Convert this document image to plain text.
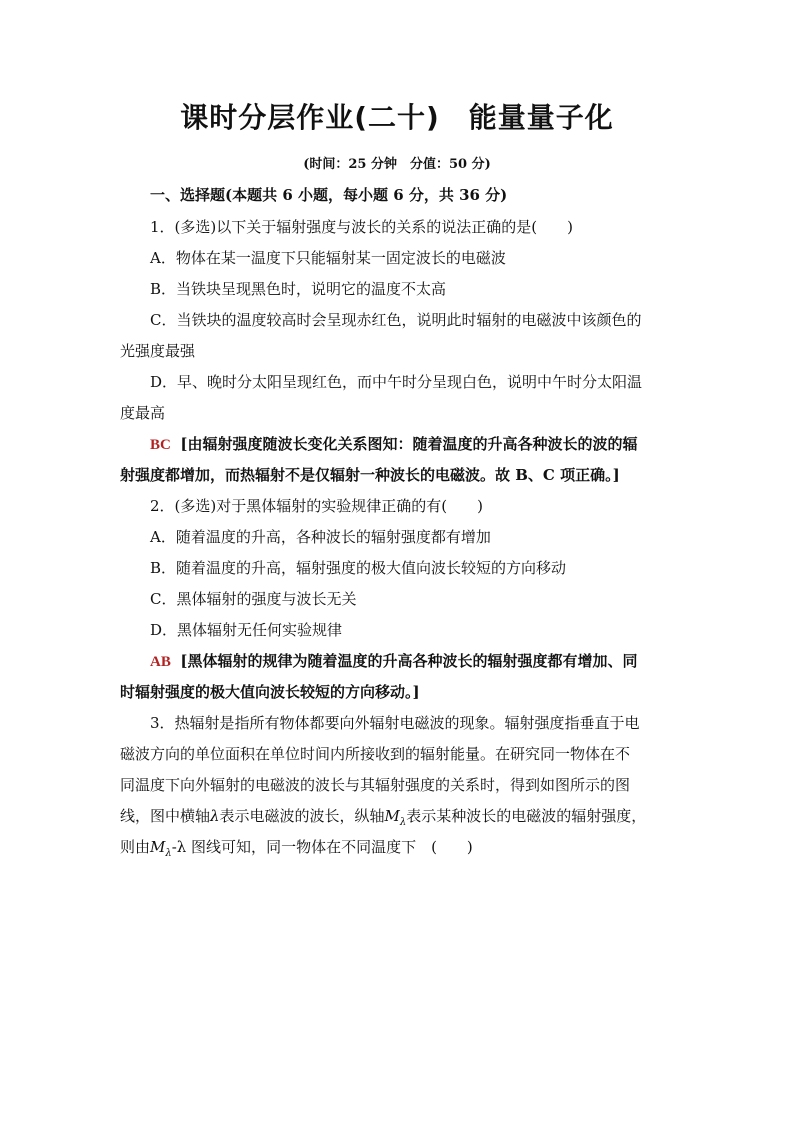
课时分层作业(二十)　能量量子化
(时间：25 分钟　分值：50 分)
一、选择题(本题共 6 小题，每小题 6 分，共 36 分)
1．(多选)以下关于辐射强度与波长的关系的说法正确的是(　　)
A．物体在某一温度下只能辐射某一固定波长的电磁波
B．当铁块呈现黑色时，说明它的温度不太高
C．当铁块的温度较高时会呈现赤红色，说明此时辐射的电磁波中该颜色的
光强度最强
D．早、晚时分太阳呈现红色，而中午时分呈现白色，说明中午时分太阳温
度最高
BC [由辐射强度随波长变化关系图知：随着温度的升高各种波长的波的辐
射强度都增加，而热辐射不是仅辐射一种波长的电磁波。故 B、C 项正确。]
2．(多选)对于黑体辐射的实验规律正确的有(　　)
A．随着温度的升高，各种波长的辐射强度都有增加
B．随着温度的升高，辐射强度的极大值向波长较短的方向移动
C．黑体辐射的强度与波长无关
D．黑体辐射无任何实验规律
AB [黑体辐射的规律为随着温度的升高各种波长的辐射强度都有增加、同
时辐射强度的极大值向波长较短的方向移动。]
3．热辐射是指所有物体都要向外辐射电磁波的现象。辐射强度指垂直于电
磁波方向的单位面积在单位时间内所接收到的辐射能量。在研究同一物体在不
同温度下向外辐射的电磁波的波长与其辐射强度的关系时，得到如图所示的图
线，图中横轴λ表示电磁波的波长，纵轴$M_\lambda$表示某种波长的电磁波的辐射强度，
则由$M_\lambda-\lambda$ 图线可知，同一物体在不同温度下　(　　)
